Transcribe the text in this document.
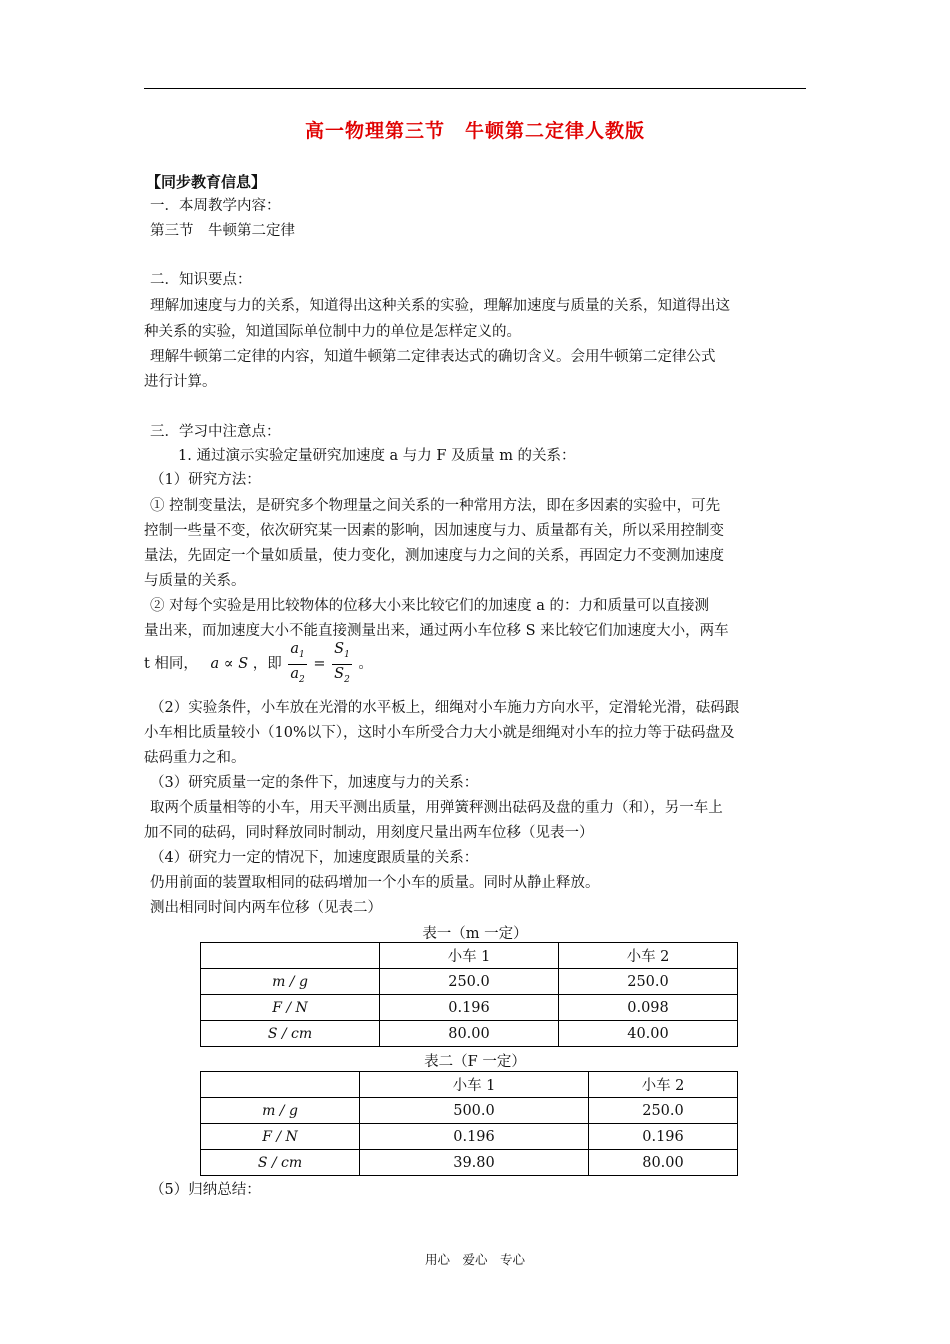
高一物理第三节　牛顿第二定律人教版
【同步教育信息】
一．本周教学内容：
第三节　牛顿第二定律
二．知识要点：
理解加速度与力的关系，知道得出这种关系的实验，理解加速度与质量的关系，知道得出这
种关系的实验，知道国际单位制中力的单位是怎样定义的。
理解牛顿第二定律的内容，知道牛顿第二定律表达式的确切含义。会用牛顿第二定律公式
进行计算。
三．学习中注意点：
1. 通过演示实验定量研究加速度 a 与力 F 及质量 m 的关系：
（1）研究方法：
① 控制变量法，是研究多个物理量之间关系的一种常用方法，即在多因素的实验中，可先
控制一些量不变，依次研究某一因素的影响，因加速度与力、质量都有关，所以采用控制变
量法，先固定一个量如质量，使力变化，测加速度与力之间的关系，再固定力不变测加速度
与质量的关系。
② 对每个实验是用比较物体的位移大小来比较它们的加速度 a 的：力和质量可以直接测
量出来，而加速度大小不能直接测量出来，通过两小车位移 S 来比较它们加速度大小，两车
t 相同， a ∝ S ，即 $\frac{a_1}{a_2} = \frac{S_1}{S_2}$ 。
（2）实验条件，小车放在光滑的水平板上，细绳对小车施力方向水平，定滑轮光滑，砝码跟
小车相比质量较小（10%以下），这时小车所受合力大小就是细绳对小车的拉力等于砝码盘及
砝码重力之和。
（3）研究质量一定的条件下，加速度与力的关系：
取两个质量相等的小车，用天平测出质量，用弹簧秤测出砝码及盘的重力（和），另一车上
加不同的砝码，同时释放同时制动，用刻度尺量出两车位移（见表一）
（4）研究力一定的情况下，加速度跟质量的关系：
仍用前面的装置取相同的砝码增加一个小车的质量。同时从静止释放。
测出相同时间内两车位移（见表二）
表一（m 一定）
	小车 1	小车 2
m / g	250.0	250.0
F / N	0.196	0.098
S / cm	80.00	40.00
表二（F 一定）
	小车 1	小车 2
m / g	500.0	250.0
F / N	0.196	0.196
S / cm	39.80	80.00
（5）归纳总结：
用心　爱心　专心
